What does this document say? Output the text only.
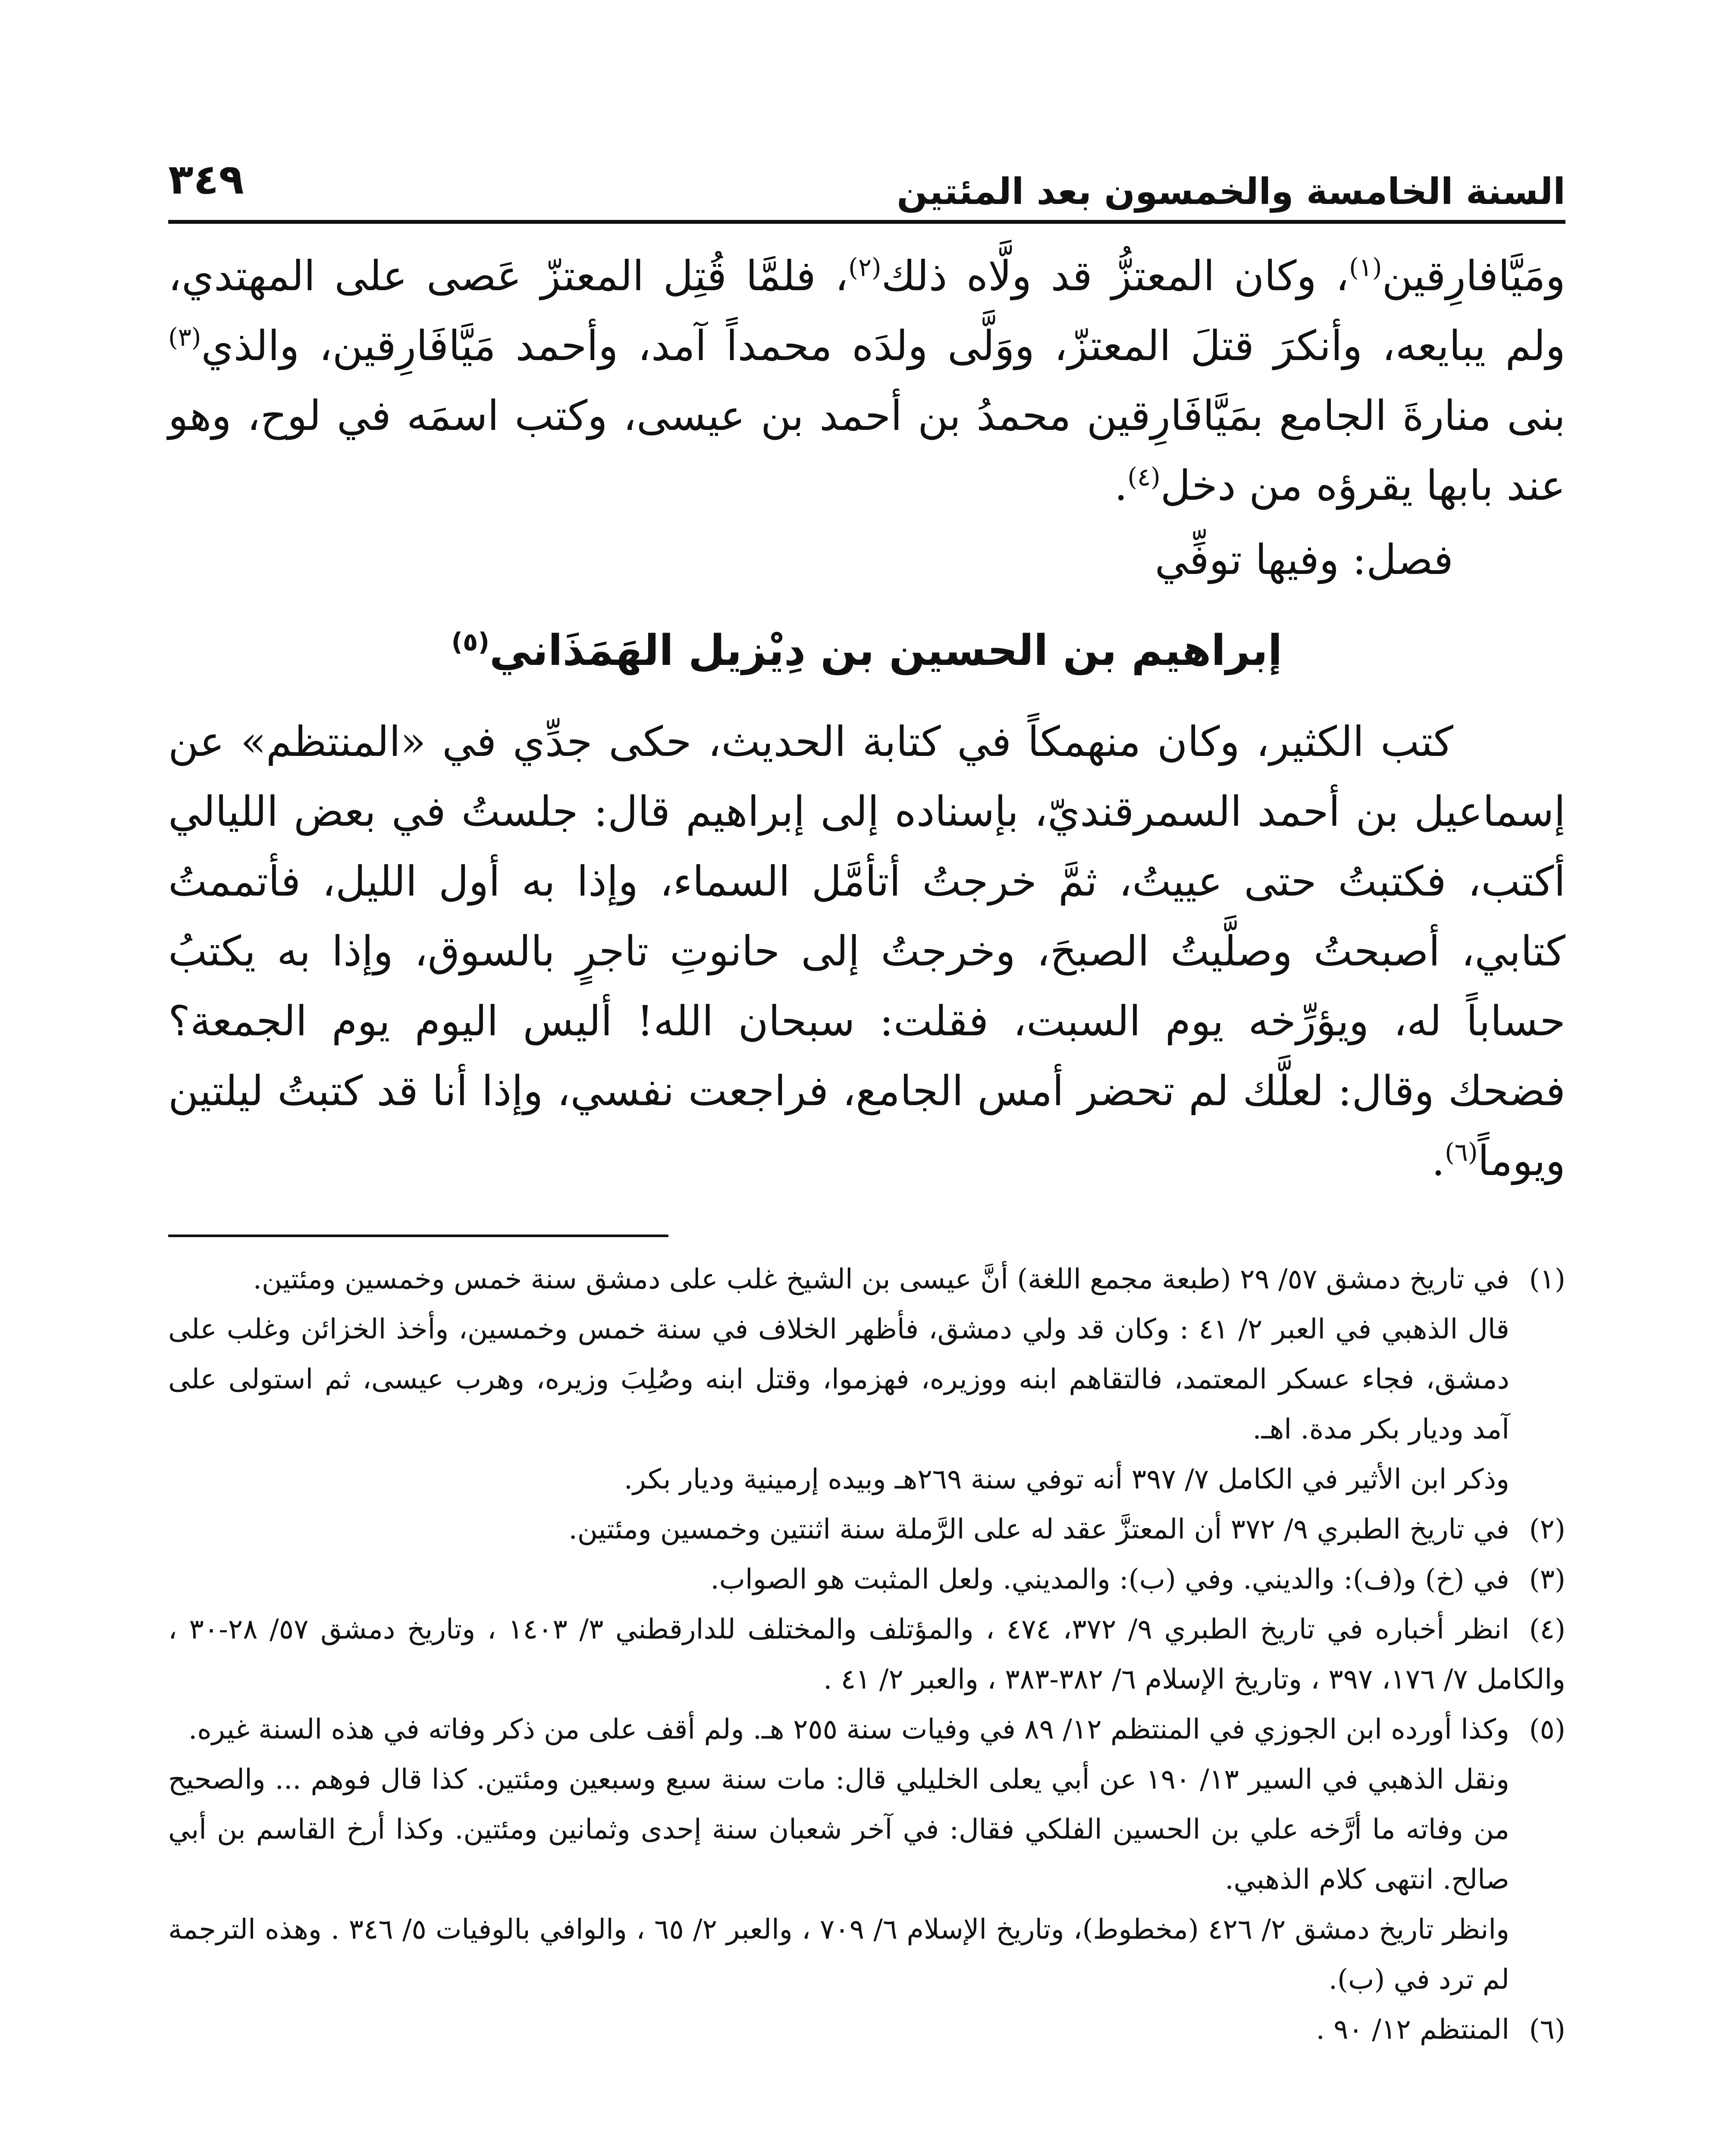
السنة الخامسة والخمسون بعد المئتين
٣٤٩

ومَيَّافارِقين$^{(١)}$، وكان المعتزُّ قد ولَّاه ذلك$^{(٢)}$، فلمَّا قُتِل المعتزّ عَصى على المهتدي، ولم يبايعه، وأنكرَ قتلَ المعتزّ، ووَلَّى ولدَه محمداً آمد، وأحمد مَيَّافَارِقين، والذي$^{(٣)}$ بنى منارةَ الجامع بمَيَّافَارِقين محمدُ بن أحمد بن عيسى، وكتب اسمَه في لوح، وهو عند بابها يقرؤه من دخل$^{(٤)}$.

فصل: وفيها توفِّي
إبراهيم بن الحسين بن دِيْزيل الهَمَذَاني$^{(٥)}$

كتب الكثير، وكان منهمكاً في كتابة الحديث، حكى جدِّي في «المنتظم» عن إسماعيل بن أحمد السمرقنديّ، بإسناده إلى إبراهيم قال: جلستُ في بعض الليالي أكتب، فكتبتُ حتى عييتُ، ثمَّ خرجتُ أتأمَّل السماء، وإذا به أول الليل، فأتممتُ كتابي، أصبحتُ وصلَّيتُ الصبحَ، وخرجتُ إلى حانوتِ تاجرٍ بالسوق، وإذا به يكتبُ حساباً له، ويؤرِّخه يوم السبت، فقلت: سبحان الله! أليس اليوم يوم الجمعة؟ فضحك وقال: لعلَّك لم تحضر أمس الجامع، فراجعت نفسي، وإذا أنا قد كتبتُ ليلتين ويوماً$^{(٦)}$.

(١)في تاريخ دمشق ٥٧/ ٢٩ (طبعة مجمع اللغة) أنَّ عيسى بن الشيخ غلب على دمشق سنة خمس وخمسين ومئتين.

قال الذهبي في العبر ٢/ ٤١ : وكان قد ولي دمشق، فأظهر الخلاف في سنة خمس وخمسين، وأخذ الخزائن وغلب على دمشق، فجاء عسكر المعتمد، فالتقاهم ابنه ووزيره، فهزموا، وقتل ابنه وصُلِبَ وزيره، وهرب عيسى، ثم استولى على آمد وديار بكر مدة. اهـ.

وذكر ابن الأثير في الكامل ٧/ ٣٩٧ أنه توفي سنة ٢٦٩هـ وبيده إرمينية وديار بكر.

(٢)في تاريخ الطبري ٩/ ٣٧٢ أن المعتزَّ عقد له على الرَّملة سنة اثنتين وخمسين ومئتين.

(٣)في (خ) و(ف): والديني. وفي (ب): والمديني. ولعل المثبت هو الصواب.

(٤)انظر أخباره في تاريخ الطبري ٩/ ٣٧٢، ٤٧٤ ، والمؤتلف والمختلف للدارقطني ٣/ ١٤٠٣ ، وتاريخ دمشق ٥٧/ ٢٨-٣٠ ، والكامل ٧/ ١٧٦، ٣٩٧ ، وتاريخ الإسلام ٦/ ٣٨٢-٣٨٣ ، والعبر ٢/ ٤١ .

(٥)وكذا أورده ابن الجوزي في المنتظم ١٢/ ٨٩ في وفيات سنة ٢٥٥ هـ. ولم أقف على من ذكر وفاته في هذه السنة غيره.

ونقل الذهبي في السير ١٣/ ١٩٠ عن أبي يعلى الخليلي قال: مات سنة سبع وسبعين ومئتين. كذا قال فوهم ... والصحيح من وفاته ما أرَّخه علي بن الحسين الفلكي فقال: في آخر شعبان سنة إحدى وثمانين ومئتين. وكذا أرخ القاسم بن أبي صالح. انتهى كلام الذهبي.

وانظر تاريخ دمشق ٢/ ٤٢٦ (مخطوط)، وتاريخ الإسلام ٦/ ٧٠٩ ، والعبر ٢/ ٦٥ ، والوافي بالوفيات ٥/ ٣٤٦ . وهذه الترجمة لم ترد في (ب).

(٦)المنتظم ١٢/ ٩٠ .
